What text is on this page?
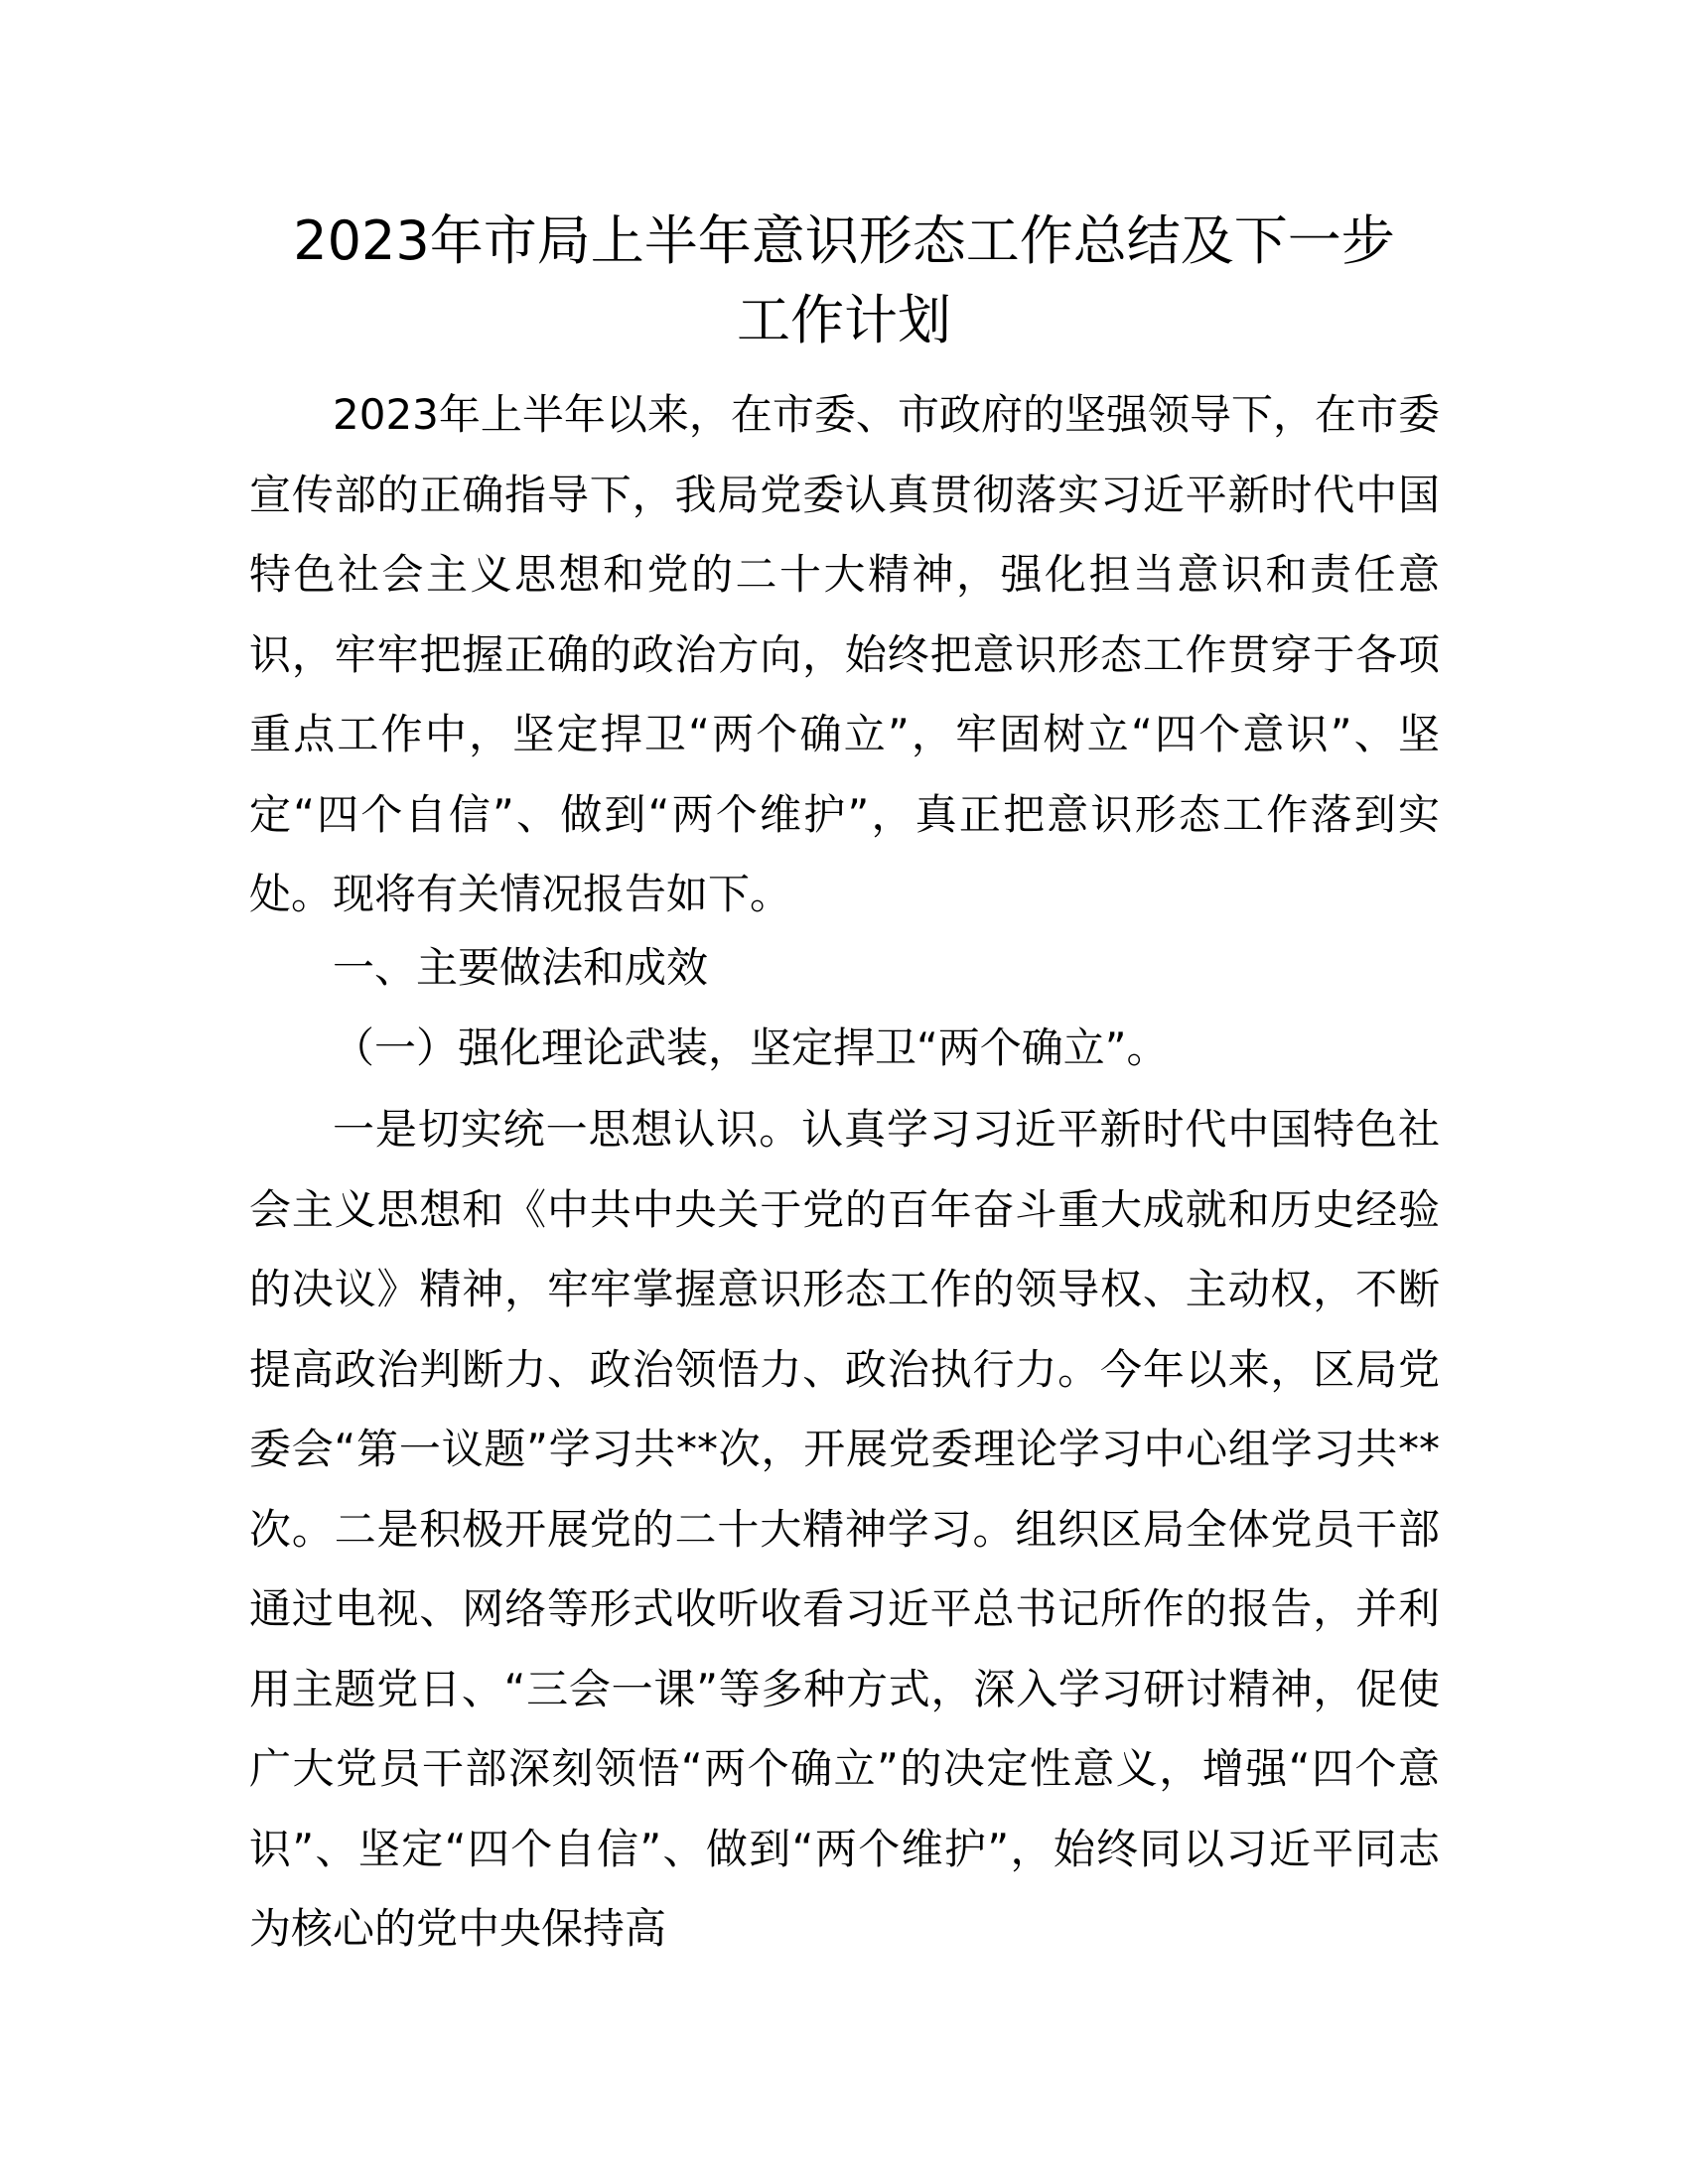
2023年市局上半年意识形态工作总结及下一步
工作计划

2023年上半年以来，在市委、市政府的坚强领导下，在市委宣传部的正确指导下，我局党委认真贯彻落实习近平新时代中国特色社会主义思想和党的二十大精神，强化担当意识和责任意识，牢牢把握正确的政治方向，始终把意识形态工作贯穿于各项重点工作中，坚定捍卫“两个确立”，牢固树立“四个意识”、坚定“四个自信”、做到“两个维护”，真正把意识形态工作落到实处。现将有关情况报告如下。

一、主要做法和成效

（一）强化理论武装，坚定捍卫“两个确立”。

一是切实统一思想认识。认真学习习近平新时代中国特色社会主义思想和《中共中央关于党的百年奋斗重大成就和历史经验的决议》精神，牢牢掌握意识形态工作的领导权、主动权，不断提高政治判断力、政治领悟力、政治执行力。今年以来，区局党委会“第一议题”学习共**次，开展党委理论学习中心组学习共**次。二是积极开展党的二十大精神学习。组织区局全体党员干部通过电视、网络等形式收听收看习近平总书记所作的报告，并利用主题党日、“三会一课”等多种方式，深入学习研讨精神，促使广大党员干部深刻领悟“两个确立”的决定性意义，增强“四个意识”、坚定“四个自信”、做到“两个维护”，始终同以习近平同志为核心的党中央保持高
